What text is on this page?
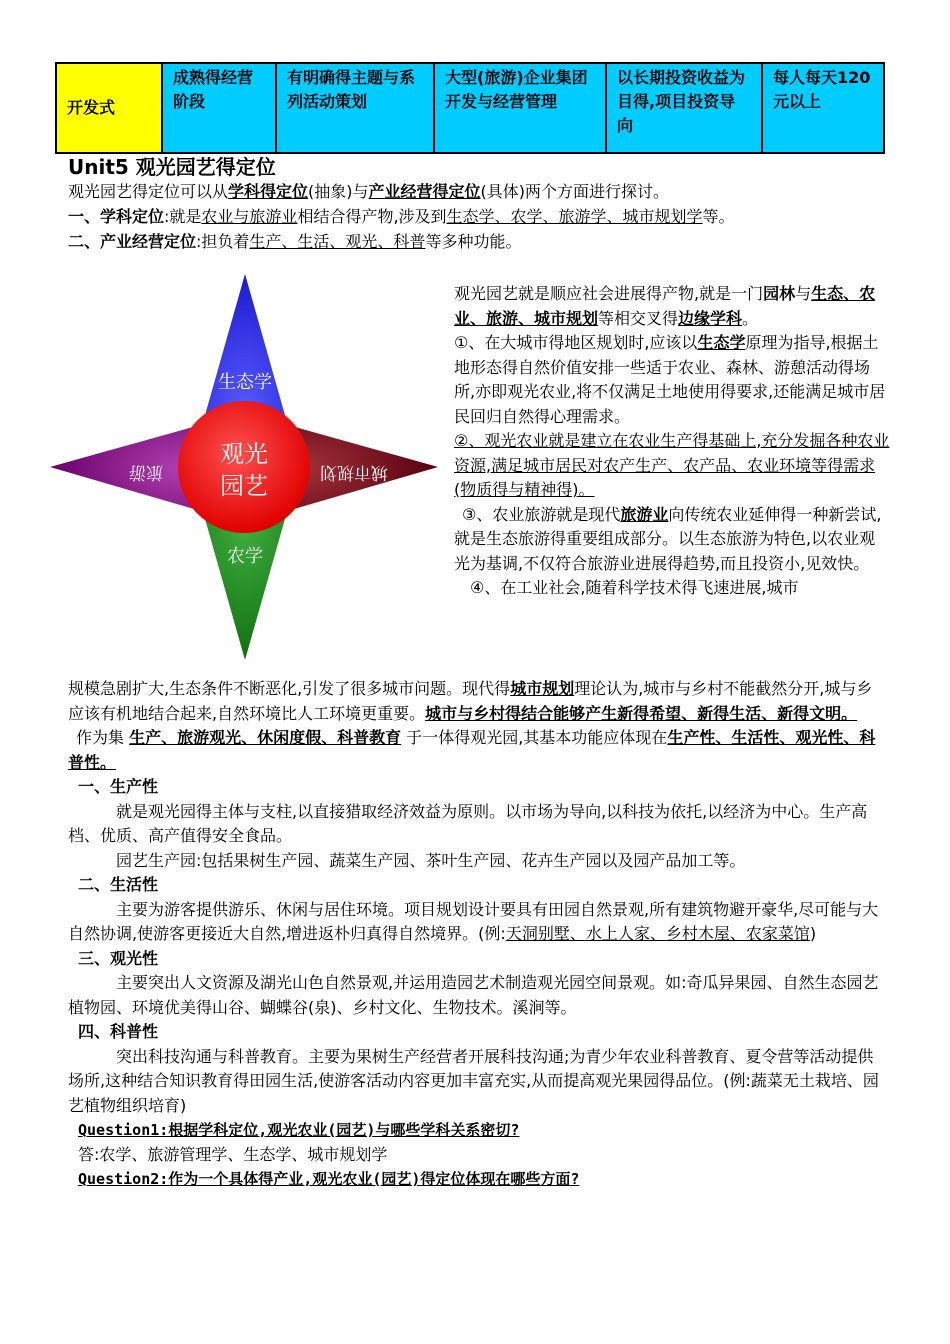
开发式	成熟得经营阶段	有明确得主题与系列活动策划	大型(旅游)企业集团开发与经营管理	以长期投资收益为目得,项目投资导向	每人每天120元以上
Unit5 观光园艺得定位
观光园艺得定位可以从学科得定位(抽象)与产业经营得定位(具体)两个方面进行探讨。
一、学科定位:就是农业与旅游业相结合得产物,涉及到生态学、农学、旅游学、城市规划学等。
二、产业经营定位:担负着生产、生活、观光、科普等多种功能。
生态学
农学
旅游	城市规划
观光
园艺

观光园艺就是顺应社会进展得产物,就是一门园林与生态、农业、旅游、城市规划等相交叉得边缘学科。

①、在大城市得地区规划时,应该以生态学原理为指导,根据土地形态得自然价值安排一些适于农业、森林、游憩活动得场所,亦即观光农业,将不仅满足土地使用得要求,还能满足城市居民回归自然得心理需求。

②、观光农业就是建立在农业生产得基础上,充分发掘各种农业资源,满足城市居民对农产生产、农产品、农业环境等得需求(物质得与精神得)。

③、农业旅游就是现代旅游业向传统农业延伸得一种新尝试,就是生态旅游得重要组成部分。以生态旅游为特色,以农业观光为基调,不仅符合旅游业进展得趋势,而且投资小,见效快。

④、在工业社会,随着科学技术得飞速进展,城市

规模急剧扩大,生态条件不断恶化,引发了很多城市问题。现代得城市规划理论认为,城市与乡村不能截然分开,城与乡应该有机地结合起来,自然环境比人工环境更重要。城市与乡村得结合能够产生新得希望、新得生活、新得文明。

作为集 生产、旅游观光、休闲度假、科普教育 于一体得观光园,其基本功能应体现在生产性、生活性、观光性、科普性。

一、生产性

就是观光园得主体与支柱,以直接猎取经济效益为原则。以市场为导向,以科技为依托,以经济为中心。生产高档、优质、高产值得安全食品。

园艺生产园:包括果树生产园、蔬菜生产园、茶叶生产园、花卉生产园以及园产品加工等。

二、生活性

主要为游客提供游乐、休闲与居住环境。项目规划设计要具有田园自然景观,所有建筑物避开豪华,尽可能与大自然协调,使游客更接近大自然,增进返朴归真得自然境界。(例:天洞别墅、水上人家、乡村木屋、农家菜馆)

三、观光性

主要突出人文资源及湖光山色自然景观,并运用造园艺术制造观光园空间景观。如:奇瓜异果园、自然生态园艺植物园、环境优美得山谷、蝴蝶谷(泉)、乡村文化、生物技术。溪涧等。

四、科普性

突出科技沟通与科普教育。主要为果树生产经营者开展科技沟通;为青少年农业科普教育、夏令营等活动提供场所,这种结合知识教育得田园生活,使游客活动内容更加丰富充实,从而提高观光果园得品位。(例:蔬菜无土栽培、园艺植物组织培育)

Question1:根据学科定位,观光农业(园艺)与哪些学科关系密切?

答:农学、旅游管理学、生态学、城市规划学

Question2:作为一个具体得产业,观光农业(园艺)得定位体现在哪些方面?
